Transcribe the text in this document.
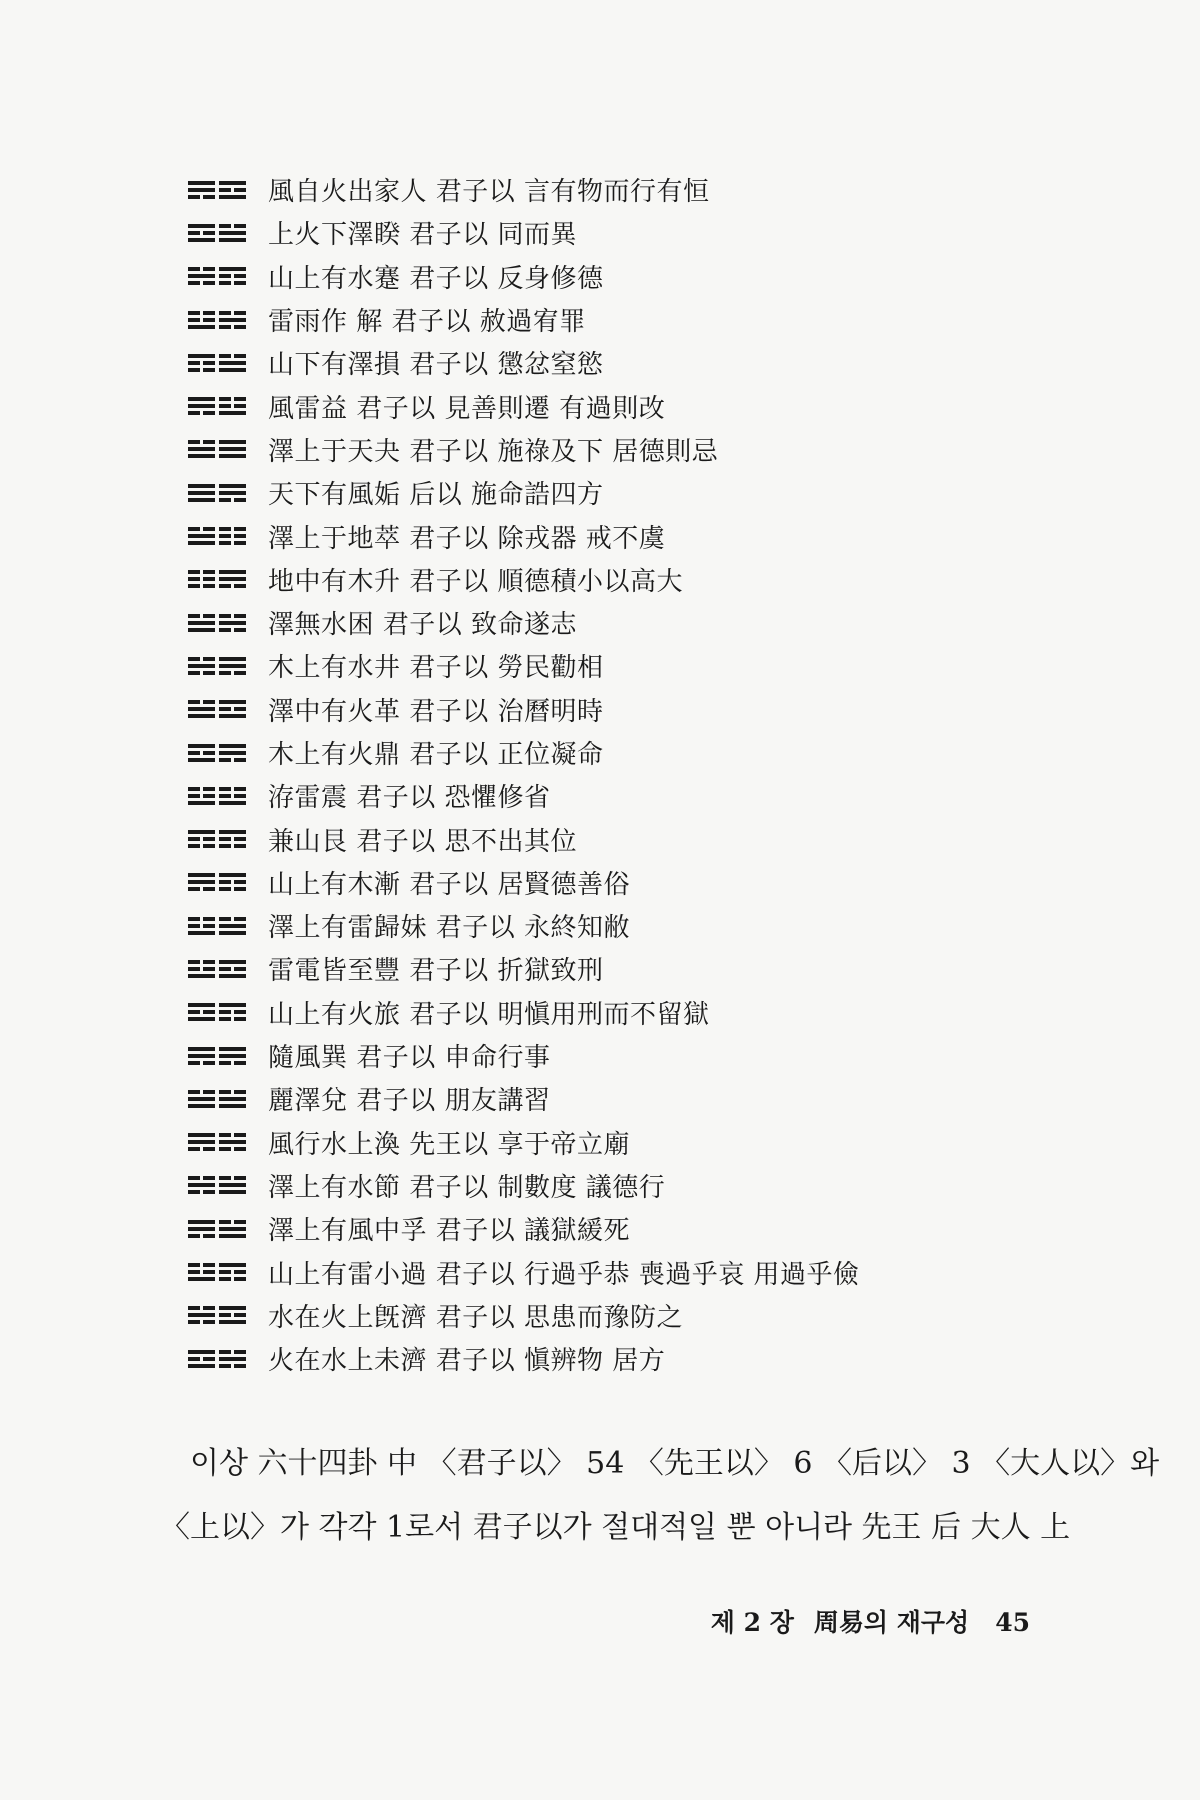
風自火出家人 君子以 言有物而行有恒
上火下澤睽 君子以 同而異
山上有水蹇 君子以 反身修德
雷雨作 解 君子以 赦過宥罪
山下有澤損 君子以 懲忿窒慾
風雷益 君子以 見善則遷 有過則改
澤上于天夬 君子以 施祿及下 居德則忌
天下有風姤 后以 施命誥四方
澤上于地萃 君子以 除戎器 戒不虞
地中有木升 君子以 順德積小以高大
澤無水困 君子以 致命遂志
木上有水井 君子以 勞民勸相
澤中有火革 君子以 治曆明時
木上有火鼎 君子以 正位凝命
洊雷震 君子以 恐懼修省
兼山艮 君子以 思不出其位
山上有木漸 君子以 居賢德善俗
澤上有雷歸妹 君子以 永終知敝
雷電皆至豐 君子以 折獄致刑
山上有火旅 君子以 明愼用刑而不留獄
隨風巽 君子以 申命行事
麗澤兌 君子以 朋友講習
風行水上渙 先王以 享于帝立廟
澤上有水節 君子以 制數度 議德行
澤上有風中孚 君子以 議獄緩死
山上有雷小過 君子以 行過乎恭 喪過乎哀 用過乎儉
水在火上旣濟 君子以 思患而豫防之
火在水上未濟 君子以 愼辨物 居方

이상 六十四卦 中 〈君子以〉 54 〈先王以〉 6 〈后以〉 3 〈大人以〉와
〈上以〉가 각각 1로서 君子以가 절대적일 뿐 아니라 先王 后 大人 上

제 2 장 周易의 재구성 45
